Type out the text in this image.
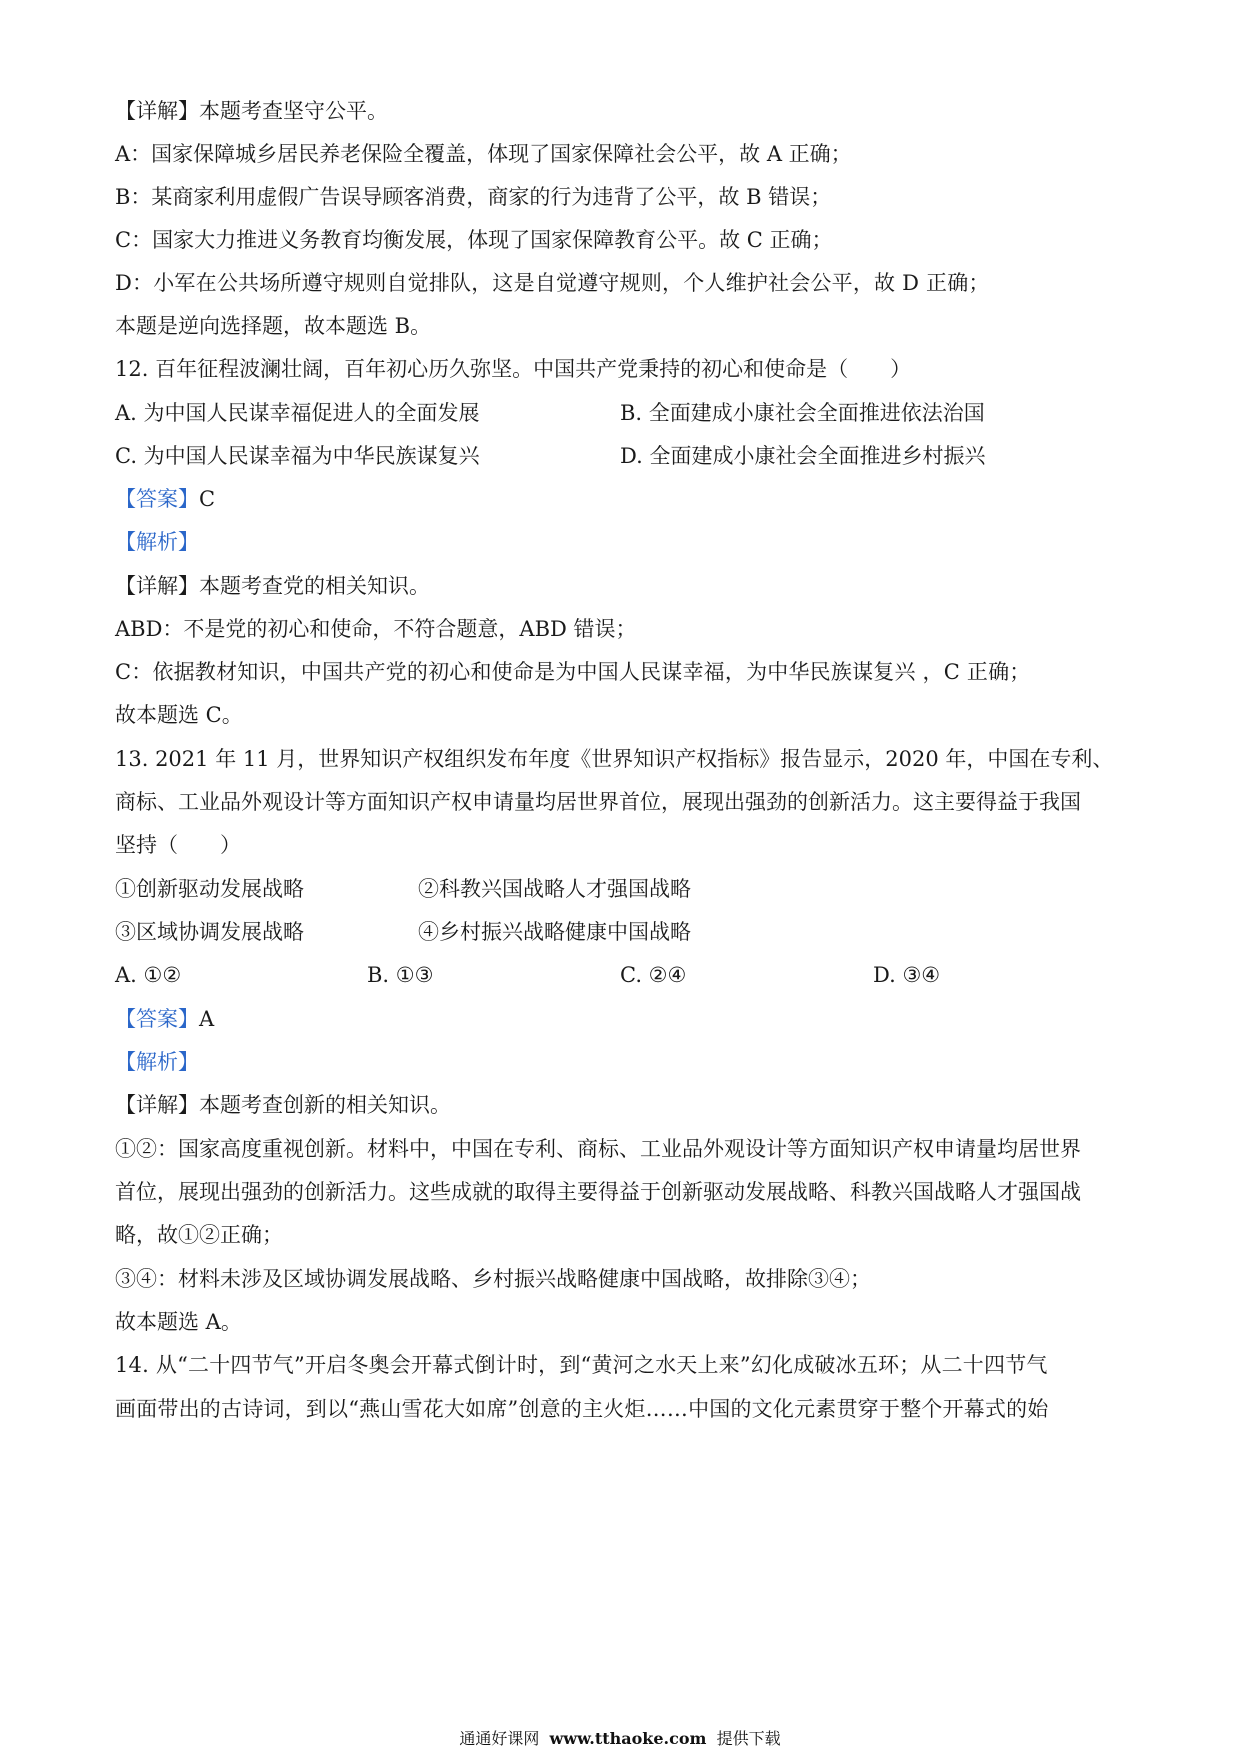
【详解】本题考查坚守公平。
A：国家保障城乡居民养老保险全覆盖，体现了国家保障社会公平，故 A 正确；
B：某商家利用虚假广告误导顾客消费，商家的行为违背了公平，故 B 错误；
C：国家大力推进义务教育均衡发展，体现了国家保障教育公平。故 C 正确；
D：小军在公共场所遵守规则自觉排队，这是自觉遵守规则，个人维护社会公平，故 D 正确；
本题是逆向选择题，故本题选 B。
12. 百年征程波澜壮阔，百年初心历久弥坚。中国共产党秉持的初心和使命是（　　）
A. 为中国人民谋幸福促进人的全面发展	B. 全面建成小康社会全面推进依法治国
C. 为中国人民谋幸福为中华民族谋复兴	D. 全面建成小康社会全面推进乡村振兴
【答案】C
【解析】
【详解】本题考查党的相关知识。
ABD：不是党的初心和使命，不符合题意，ABD 错误；
C：依据教材知识，中国共产党的初心和使命是为中国人民谋幸福，为中华民族谋复兴 ，C 正确；
故本题选 C。
13. 2021 年 11 月，世界知识产权组织发布年度《世界知识产权指标》报告显示，2020 年，中国在专利、
商标、工业品外观设计等方面知识产权申请量均居世界首位，展现出强劲的创新活力。这主要得益于我国
坚持（　　）
①创新驱动发展战略	②科教兴国战略人才强国战略
③区域协调发展战略	④乡村振兴战略健康中国战略
A. ①②	B. ①③	C. ②④	D. ③④
【答案】A
【解析】
【详解】本题考查创新的相关知识。
①②：国家高度重视创新。材料中，中国在专利、商标、工业品外观设计等方面知识产权申请量均居世界
首位，展现出强劲的创新活力。这些成就的取得主要得益于创新驱动发展战略、科教兴国战略人才强国战
略，故①②正确；
③④：材料未涉及区域协调发展战略、乡村振兴战略健康中国战略，故排除③④；
故本题选 A。
14. 从“二十四节气”开启冬奥会开幕式倒计时，到“黄河之水天上来”幻化成破冰五环；从二十四节气
画面带出的古诗词，到以“燕山雪花大如席”创意的主火炬……中国的文化元素贯穿于整个开幕式的始
通通好课网 www.tthaoke.com 提供下载
